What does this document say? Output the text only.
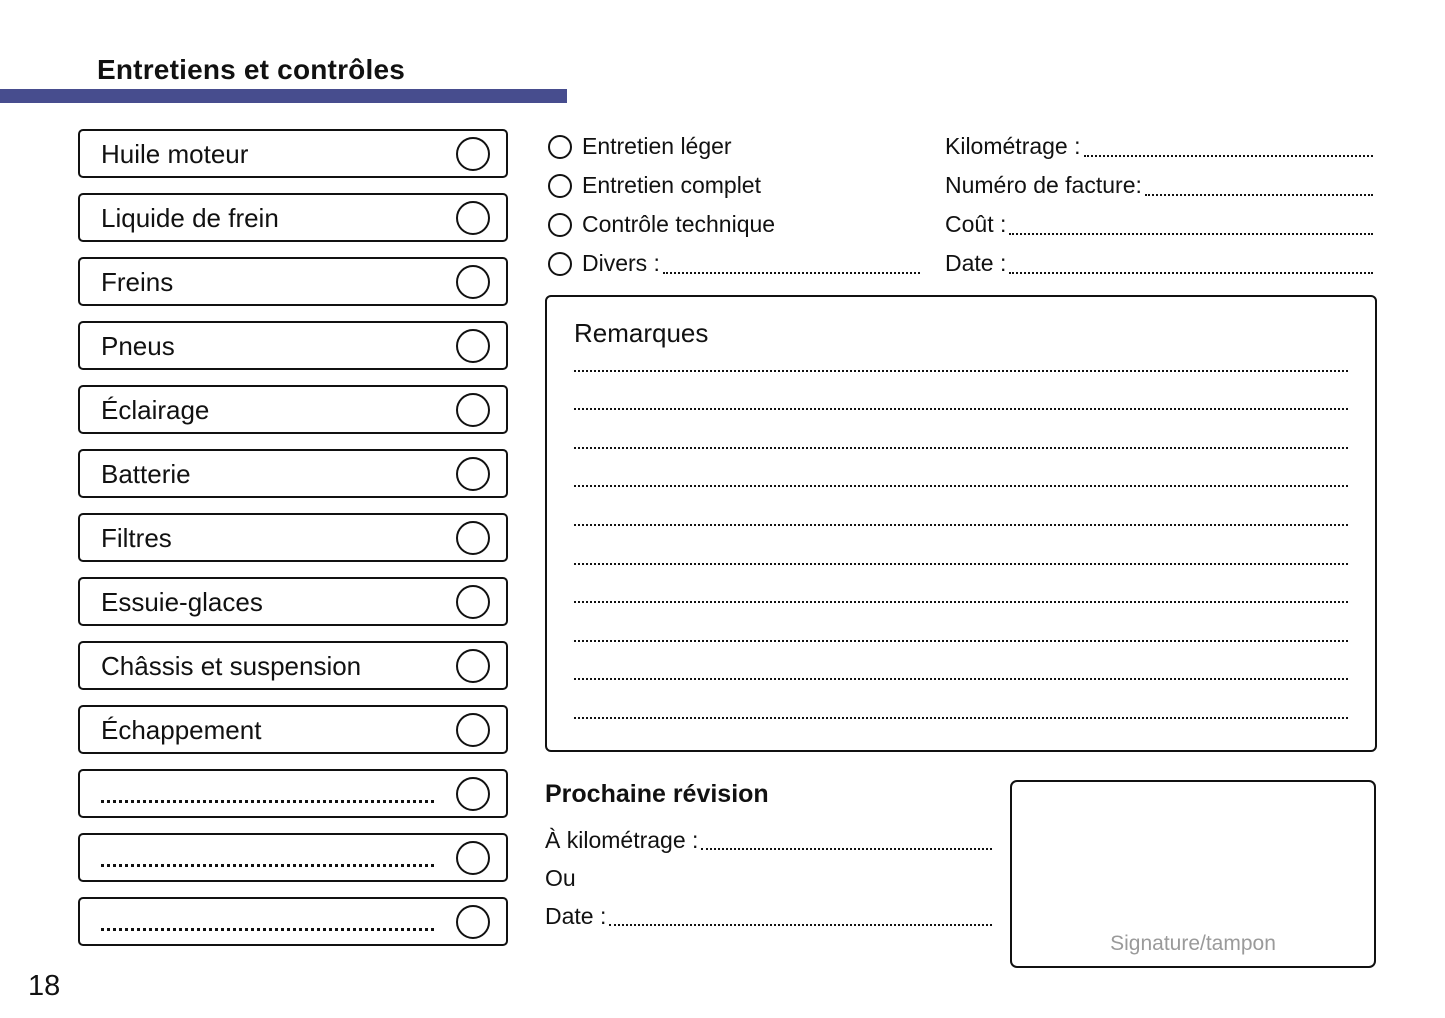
Entretiens et contrôles
Huile moteur
Liquide de frein
Freins
Pneus
Éclairage
Batterie
Filtres
Essuie-glaces
Châssis et suspension
Échappement
Entretien léger
Entretien complet
Contrôle technique
Divers :
Kilométrage :
Numéro de facture:
Coût :
Date :
Remarques
Prochaine révision
À kilométrage :
Ou
Date :
Signature/tampon
18
